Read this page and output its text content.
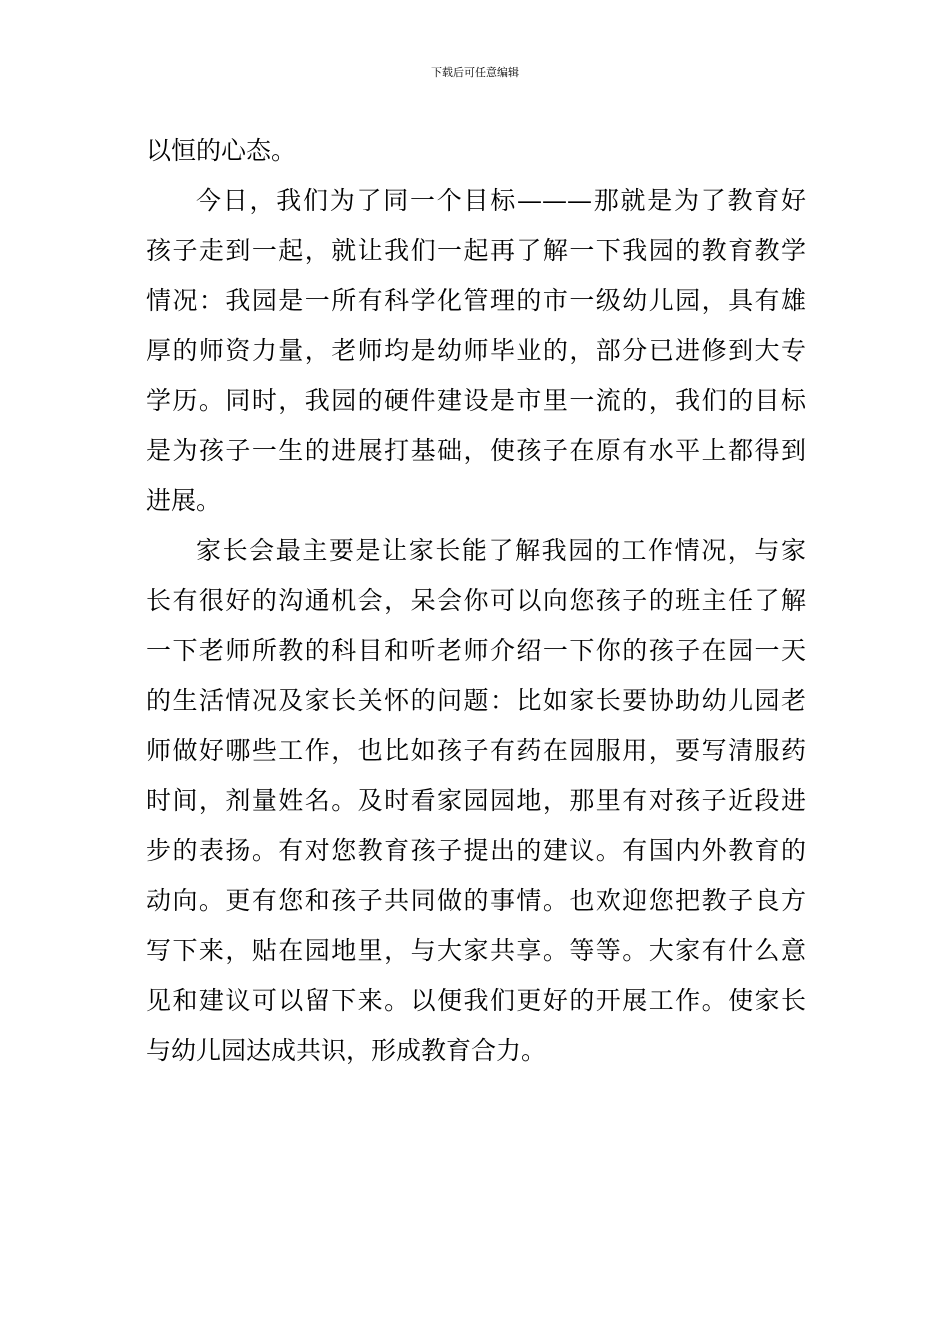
下载后可任意编辑
以恒的心态。
今日，我们为了同一个目标———那就是为了教育好
孩子走到一起，就让我们一起再了解一下我园的教育教学
情况：我园是一所有科学化管理的市一级幼儿园，具有雄
厚的师资力量，老师均是幼师毕业的，部分已进修到大专
学历。同时，我园的硬件建设是市里一流的，我们的目标
是为孩子一生的进展打基础，使孩子在原有水平上都得到
进展。
家长会最主要是让家长能了解我园的工作情况，与家
长有很好的沟通机会，呆会你可以向您孩子的班主任了解
一下老师所教的科目和听老师介绍一下你的孩子在园一天
的生活情况及家长关怀的问题：比如家长要协助幼儿园老
师做好哪些工作，也比如孩子有药在园服用，要写清服药
时间，剂量姓名。及时看家园园地，那里有对孩子近段进
步的表扬。有对您教育孩子提出的建议。有国内外教育的
动向。更有您和孩子共同做的事情。也欢迎您把教子良方
写下来，贴在园地里，与大家共享。等等。大家有什么意
见和建议可以留下来。以便我们更好的开展工作。使家长
与幼儿园达成共识，形成教育合力。
